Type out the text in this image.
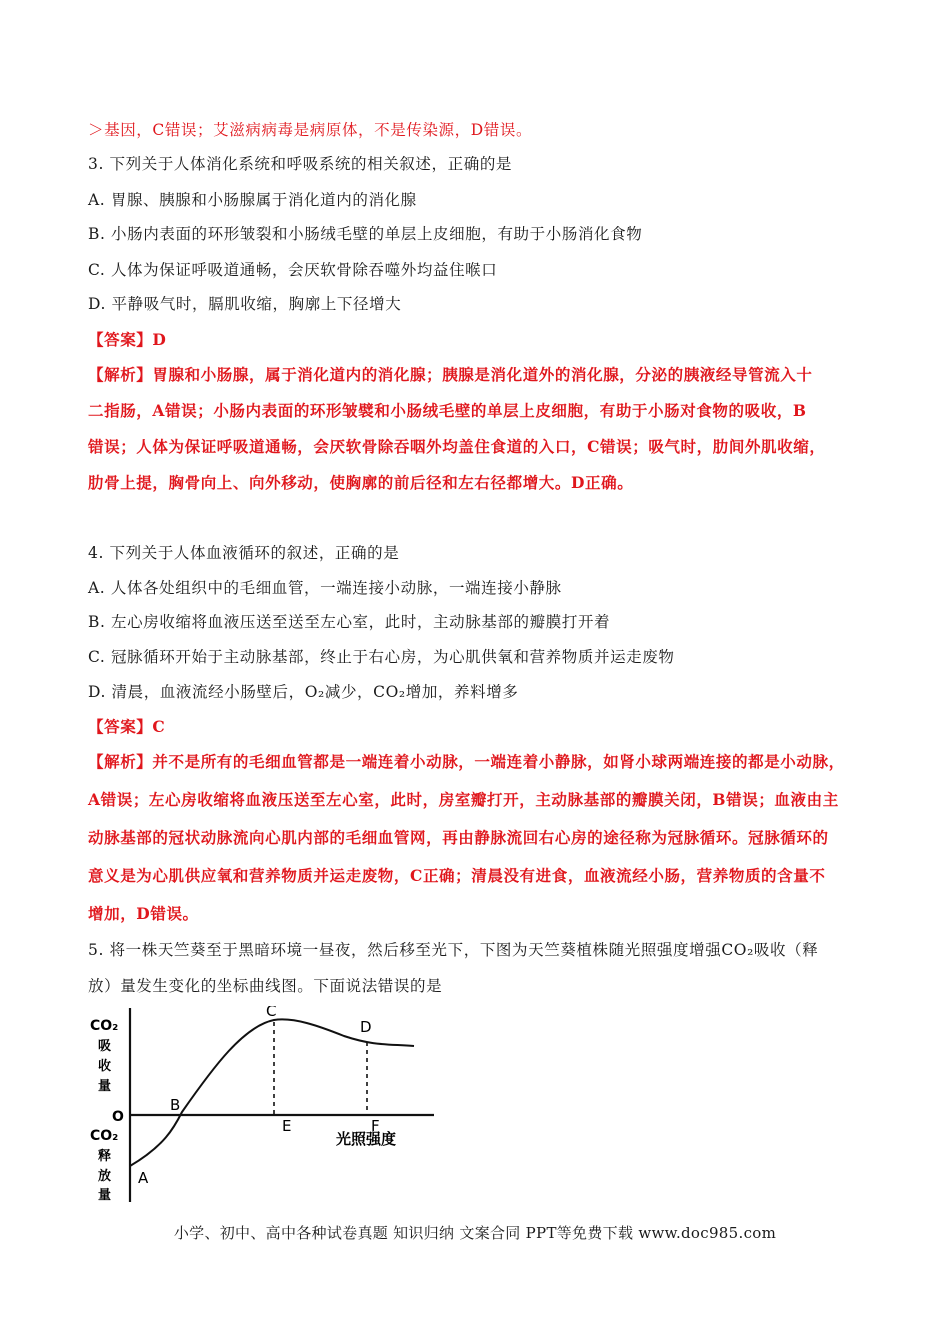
＞基因，C错误；艾滋病病毒是病原体，不是传染源，D错误。
3. 下列关于人体消化系统和呼吸系统的相关叙述，正确的是
A. 胃腺、胰腺和小肠腺属于消化道内的消化腺
B. 小肠内表面的环形皱裂和小肠绒毛壁的单层上皮细胞，有助于小肠消化食物
C. 人体为保证呼吸道通畅，会厌软骨除吞噬外均益住喉口
D. 平静吸气时，膈肌收缩，胸廓上下径增大
【答案】D
【解析】胃腺和小肠腺，属于消化道内的消化腺；胰腺是消化道外的消化腺，分泌的胰液经导管流入十
二指肠，A错误；小肠内表面的环形皱襞和小肠绒毛壁的单层上皮细胞，有助于小肠对食物的吸收，B
错误；人体为保证呼吸道通畅，会厌软骨除吞咽外均盖住食道的入口，C错误；吸气时，肋间外肌收缩，
肋骨上提，胸骨向上、向外移动，使胸廓的前后径和左右径都增大。D正确。
4. 下列关于人体血液循环的叙述，正确的是
A. 人体各处组织中的毛细血管，一端连接小动脉，一端连接小静脉
B. 左心房收缩将血液压送至送至左心室，此时，主动脉基部的瓣膜打开着
C. 冠脉循环开始于主动脉基部，终止于右心房，为心肌供氧和营养物质并运走废物
D. 清晨，血液流经小肠壁后，O₂减少，CO₂增加，养料增多
【答案】C
【解析】并不是所有的毛细血管都是一端连着小动脉，一端连着小静脉，如肾小球两端连接的都是小动脉，
A错误；左心房收缩将血液压送至左心室，此时，房室瓣打开，主动脉基部的瓣膜关闭，B错误；血液由主
动脉基部的冠状动脉流向心肌内部的毛细血管网，再由静脉流回右心房的途径称为冠脉循环。冠脉循环的
意义是为心肌供应氧和营养物质并运走废物，C正确；清晨没有进食，血液流经小肠，营养物质的含量不
增加，D错误。
5. 将一株天竺葵至于黑暗环境一昼夜，然后移至光下，下图为天竺葵植株随光照强度增强CO₂吸收（释
放）量发生变化的坐标曲线图。下面说法错误的是
CO₂
吸
收
量
O
CO₂
释
放
量
A
B
C
D
E	F
光照强度
小学、初中、高中各种试卷真题 知识归纳 文案合同 PPT等免费下载 www.doc985.com
